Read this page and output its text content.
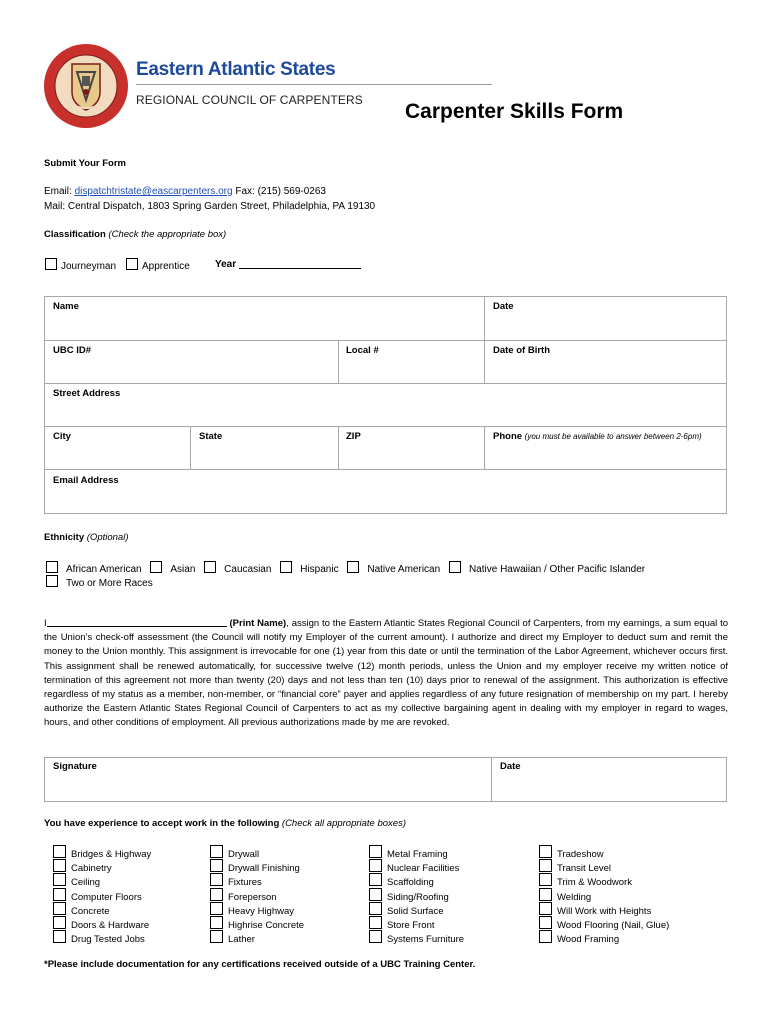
Eastern Atlantic States
REGIONAL COUNCIL OF CARPENTERS Carpenter Skills Form
Submit Your Form
Email: dispatchtristate@eascarpenters.org Fax: (215) 569-0263
Mail: Central Dispatch, 1803 Spring Garden Street, Philadelphia, PA 19130
Classification (Check the appropriate box)
Journeyman	Apprentice	Year
Name	Date
UBC ID#	Local #	Date of Birth
Street Address
City	State	ZIP	Phone (you must be available to answer between 2-6pm)
Email Address
Ethnicity (Optional)
African American	Asian	Caucasian	Hispanic	Native American	Native Hawaiian / Other Pacific Islander
Two or More Races
I	(Print Name), assign to the Eastern Atlantic States Regional Council of Carpenters, from my earnings, a sum equal to the Union’s check-off assessment (the Council will notify my Employer of the current amount). I authorize and direct my Employer to deduct sum and remit the money to the Union monthly. This assignment is irrevocable for one (1) year from this date or until the termination of the Labor Agreement, whichever occurs first. This assignment shall be renewed automatically, for successive twelve (12) month periods, unless the Union and my employer receive my written notice of termination of this agreement not more than twenty (20) days and not less than ten (10) days prior to renewal of the assignment. This authorization is effective regardless of my status as a member, non-member, or “financial core” payer and applies regardless of any future resignation of membership on my part. I hereby authorize the Eastern Atlantic States Regional Council of Carpenters to act as my collective bargaining agent in dealing with my employer in regard to wages, hours, and other conditions of employment. All previous authorizations made by me are revoked.
Signature	Date
You have experience to accept work in the following (Check all appropriate boxes)
Bridges & Highway
Cabinetry
Ceiling
Computer Floors
Concrete
Doors & Hardware
Drug Tested Jobs
Drywall
Drywall Finishing
Fixtures
Foreperson
Heavy Highway
Highrise Concrete
Lather
Metal Framing
Nuclear Facilities
Scaffolding
Siding/Roofing
Solid Surface
Store Front
Systems Furniture
Tradeshow
Transit Level
Trim & Woodwork
Welding
Will Work with Heights
Wood Flooring (Nail, Glue)
Wood Framing
*Please include documentation for any certifications received outside of a UBC Training Center.
